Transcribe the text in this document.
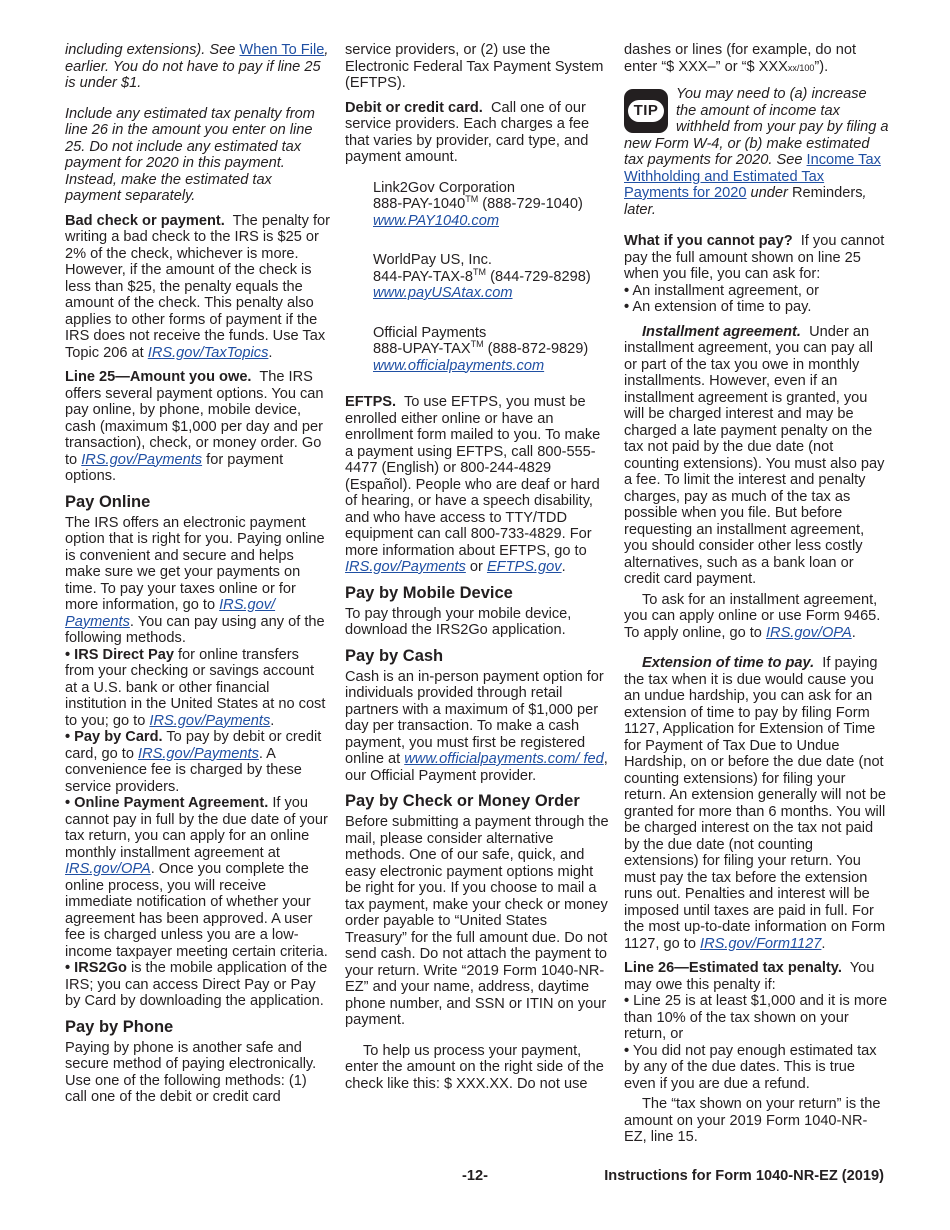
including extensions). See When To File, earlier. You do not have to pay if line 25 is under $1.

Include any estimated tax penalty from line 26 in the amount you enter on line 25. Do not include any estimated tax payment for 2020 in this payment. Instead, make the estimated tax payment separately.

Bad check or payment. The penalty for writing a bad check to the IRS is $25 or 2% of the check, whichever is more. However, if the amount of the check is less than $25, the penalty equals the amount of the check. This penalty also applies to other forms of payment if the IRS does not receive the funds. Use Tax Topic 206 at IRS.gov/TaxTopics.

Line 25—Amount you owe. The IRS offers several payment options. You can pay online, by phone, mobile device, cash (maximum $1,000 per day and per transaction), check, or money order. Go to IRS.gov/Payments for payment options.

Pay Online

The IRS offers an electronic payment option that is right for you. Paying online is convenient and secure and helps make sure we get your payments on time. To pay your taxes online or for more information, go to IRS.gov/ Payments. You can pay using any of the following methods.

• IRS Direct Pay for online transfers from your checking or savings account at a U.S. bank or other financial institution in the United States at no cost to you; go to IRS.gov/Payments.

• Pay by Card. To pay by debit or credit card, go to IRS.gov/Payments. A convenience fee is charged by these service providers.

• Online Payment Agreement. If you cannot pay in full by the due date of your tax return, you can apply for an online monthly installment agreement at IRS.gov/OPA. Once you complete the online process, you will receive immediate notification of whether your agreement has been approved. A user fee is charged unless you are a low-income taxpayer meeting certain criteria.

• IRS2Go is the mobile application of the IRS; you can access Direct Pay or Pay by Card by downloading the application.

Pay by Phone

Paying by phone is another safe and secure method of paying electronically. Use one of the following methods: (1) call one of the debit or credit card

service providers, or (2) use the Electronic Federal Tax Payment System (EFTPS).

Debit or credit card. Call one of our service providers. Each charges a fee that varies by provider, card type, and payment amount.

Link2Gov Corporation
888-PAY-1040™ (888-729-1040)
www.PAY1040.com
WorldPay US, Inc.
844-PAY-TAX-8™ (844-729-8298)
www.payUSAtax.com
Official Payments
888-UPAY-TAX™ (888-872-9829)
www.officialpayments.com

EFTPS. To use EFTPS, you must be enrolled either online or have an enrollment form mailed to you. To make a payment using EFTPS, call 800-555-4477 (English) or 800-244-4829 (Español). People who are deaf or hard of hearing, or have a speech disability, and who have access to TTY/TDD equipment can call 800-733-4829. For more information about EFTPS, go to IRS.gov/Payments or EFTPS.gov.

Pay by Mobile Device

To pay through your mobile device, download the IRS2Go application.

Pay by Cash

Cash is an in-person payment option for individuals provided through retail partners with a maximum of $1,000 per day per transaction. To make a cash payment, you must first be registered online at www.officialpayments.com/ fed, our Official Payment provider.

Pay by Check or Money Order

Before submitting a payment through the mail, please consider alternative methods. One of our safe, quick, and easy electronic payment options might be right for you. If you choose to mail a tax payment, make your check or money order payable to “United States Treasury” for the full amount due. Do not send cash. Do not attach the payment to your return. Write “2019 Form 1040-NR-EZ” and your name, address, daytime phone number, and SSN or ITIN on your payment.

To help us process your payment, enter the amount on the right side of the check like this: $ XXX.XX. Do not use

dashes or lines (for example, do not enter “$ XXX–” or “$ XXXxx/100”).

TIP

You may need to (a) increase the amount of income tax withheld from your pay by filing a new Form W-4, or (b) make estimated tax payments for 2020. See Income Tax Withholding and Estimated Tax Payments for 2020 under Reminders, later.

What if you cannot pay? If you cannot pay the full amount shown on line 25 when you file, you can ask for:

• An installment agreement, or

• An extension of time to pay.

Installment agreement. Under an installment agreement, you can pay all or part of the tax you owe in monthly installments. However, even if an installment agreement is granted, you will be charged interest and may be charged a late payment penalty on the tax not paid by the due date (not counting extensions). You must also pay a fee. To limit the interest and penalty charges, pay as much of the tax as possible when you file. But before requesting an installment agreement, you should consider other less costly alternatives, such as a bank loan or credit card payment.

To ask for an installment agreement, you can apply online or use Form 9465. To apply online, go to IRS.gov/OPA.

Extension of time to pay. If paying the tax when it is due would cause you an undue hardship, you can ask for an extension of time to pay by filing Form 1127, Application for Extension of Time for Payment of Tax Due to Undue Hardship, on or before the due date (not counting extensions) for filing your return. An extension generally will not be granted for more than 6 months. You will be charged interest on the tax not paid by the due date (not counting extensions) for filing your return. You must pay the tax before the extension runs out. Penalties and interest will be imposed until taxes are paid in full. For the most up-to-date information on Form 1127, go to IRS.gov/Form1127.

Line 26—Estimated tax penalty. You may owe this penalty if:

• Line 25 is at least $1,000 and it is more than 10% of the tax shown on your return, or

• You did not pay enough estimated tax by any of the due dates. This is true even if you are due a refund.

The “tax shown on your return” is the amount on your 2019 Form 1040-NR-EZ, line 15.

-12-	Instructions for Form 1040-NR-EZ (2019)
